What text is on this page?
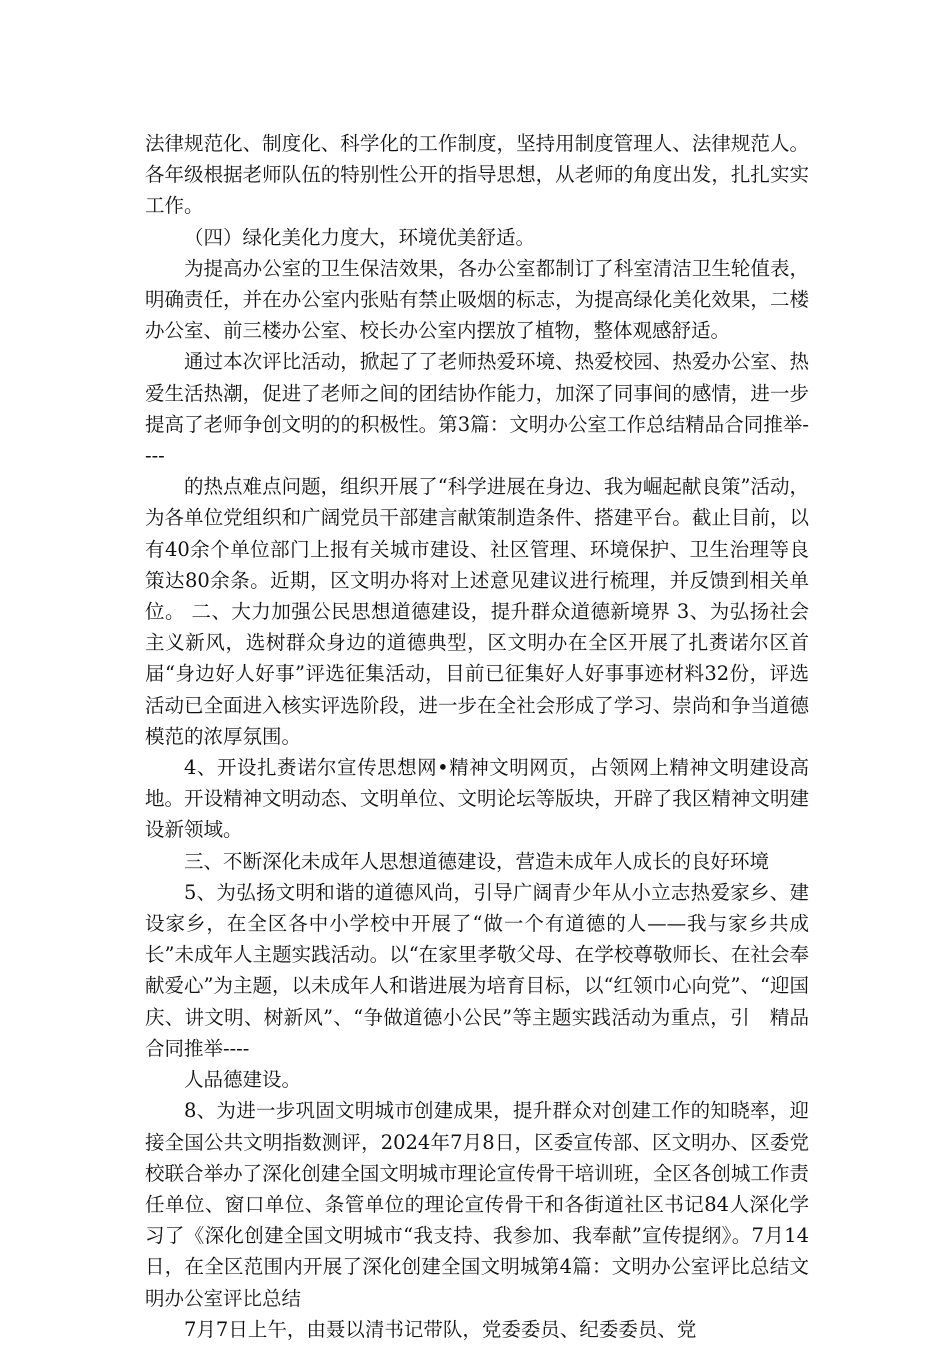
法律规范化、制度化、科学化的工作制度，坚持用制度管理人、法律规范人。各年级根据老师队伍的特别性公开的指导思想，从老师的角度出发，扎扎实实工作。

（四）绿化美化力度大，环境优美舒适。

为提高办公室的卫生保洁效果，各办公室都制订了科室清洁卫生轮值表，明确责任，并在办公室内张贴有禁止吸烟的标志，为提高绿化美化效果，二楼办公室、前三楼办公室、校长办公室内摆放了植物，整体观感舒适。

通过本次评比活动，掀起了了老师热爱环境、热爱校园、热爱办公室、热爱生活热潮，促进了老师之间的团结协作能力，加深了同事间的感情，进一步提高了老师争创文明的的积极性。第3篇：文明办公室工作总结精品合同推举----

的热点难点问题，组织开展了“科学进展在身边、我为崛起献良策”活动，为各单位党组织和广阔党员干部建言献策制造条件、搭建平台。截止目前，以有40余个单位部门上报有关城市建设、社区管理、环境保护、卫生治理等良策达80余条。近期，区文明办将对上述意见建议进行梳理，并反馈到相关单位。 二、大力加强公民思想道德建设，提升群众道德新境界 3、为弘扬社会主义新风，选树群众身边的道德典型，区文明办在全区开展了扎赉诺尔区首届“身边好人好事”评选征集活动，目前已征集好人好事事迹材料32份，评选活动已全面进入核实评选阶段，进一步在全社会形成了学习、崇尚和争当道德模范的浓厚氛围。

4、开设扎赉诺尔宣传思想网•精神文明网页，占领网上精神文明建设高地。开设精神文明动态、文明单位、文明论坛等版块，开辟了我区精神文明建设新领域。

三、不断深化未成年人思想道德建设，营造未成年人成长的良好环境

5、为弘扬文明和谐的道德风尚，引导广阔青少年从小立志热爱家乡、建设家乡，在全区各中小学校中开展了“做一个有道德的人——我与家乡共成长”未成年人主题实践活动。以“在家里孝敬父母、在学校尊敬师长、在社会奉献爱心”为主题，以未成年人和谐进展为培育目标，以“红领巾心向党”、“迎国庆、讲文明、树新风”、“争做道德小公民”等主题实践活动为重点，引　精品合同推举----

人品德建设。

8、为进一步巩固文明城市创建成果，提升群众对创建工作的知晓率，迎接全国公共文明指数测评，2024年7月8日，区委宣传部、区文明办、区委党校联合举办了深化创建全国文明城市理论宣传骨干培训班，全区各创城工作责任单位、窗口单位、条管单位的理论宣传骨干和各街道社区书记84人深化学习了《深化创建全国文明城市“我支持、我参加、我奉献”宣传提纲》。7月14日，在全区范围内开展了深化创建全国文明城第4篇：文明办公室评比总结文明办公室评比总结

7月7日上午，由聂以清书记带队，党委委员、纪委委员、党
